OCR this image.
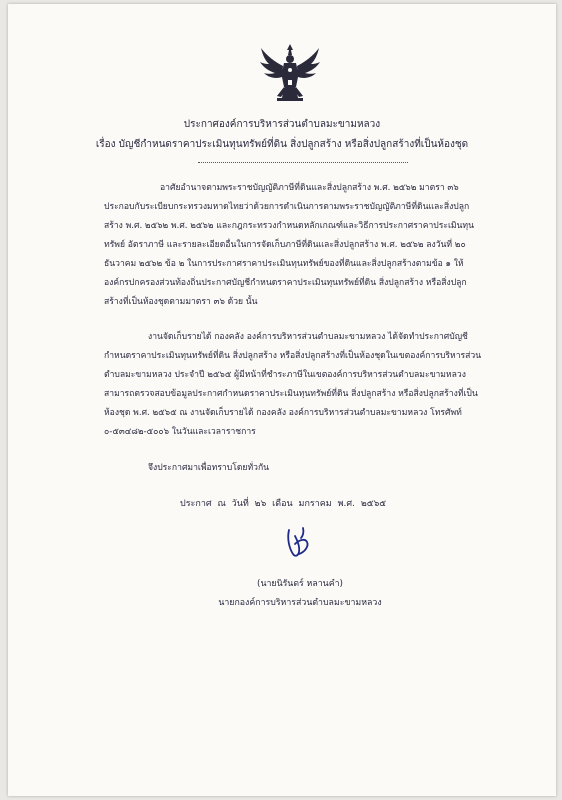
ประกาศองค์การบริหารส่วนตำบลมะขามหลวง
เรื่อง บัญชีกำหนดราคาประเมินทุนทรัพย์ที่ดิน สิ่งปลูกสร้าง หรือสิ่งปลูกสร้างที่เป็นห้องชุด
อาศัยอำนาจตามพระราชบัญญัติภาษีที่ดินและสิ่งปลูกสร้าง พ.ศ. ๒๕๖๒ มาตรา ๓๖
ประกอบกับระเบียบกระทรวงมหาดไทยว่าด้วยการดำเนินการตามพระราชบัญญัติภาษีที่ดินและสิ่งปลูก
สร้าง พ.ศ. ๒๕๖๒ พ.ศ. ๒๕๖๒ และกฎกระทรวงกำหนดหลักเกณฑ์และวิธีการประกาศราคาประเมินทุน
ทรัพย์ อัตราภาษี และรายละเอียดอื่นในการจัดเก็บภาษีที่ดินและสิ่งปลูกสร้าง พ.ศ. ๒๕๖๒ ลงวันที่ ๒๐
ธันวาคม ๒๕๖๒ ข้อ ๒ ในการประกาศราคาประเมินทุนทรัพย์ของที่ดินและสิ่งปลูกสร้างตามข้อ ๑ ให้
องค์กรปกครองส่วนท้องถิ่นประกาศบัญชีกำหนดราคาประเมินทุนทรัพย์ที่ดิน สิ่งปลูกสร้าง หรือสิ่งปลูก
สร้างที่เป็นห้องชุดตามมาตรา ๓๖ ด้วย นั้น
งานจัดเก็บรายได้ กองคลัง องค์การบริหารส่วนตำบลมะขามหลวง ได้จัดทำประกาศบัญชี
กำหนดราคาประเมินทุนทรัพย์ที่ดิน สิ่งปลูกสร้าง หรือสิ่งปลูกสร้างที่เป็นห้องชุดในเขตองค์การบริหารส่วน
ตำบลมะขามหลวง ประจำปี ๒๕๖๕ ผู้มีหน้าที่ชำระภาษีในเขตองค์การบริหารส่วนตำบลมะขามหลวง
สามารถตรวจสอบข้อมูลประกาศกำหนดราคาประเมินทุนทรัพย์ที่ดิน สิ่งปลูกสร้าง หรือสิ่งปลูกสร้างที่เป็น
ห้องชุด พ.ศ. ๒๕๖๕ ณ งานจัดเก็บรายได้ กองคลัง องค์การบริหารส่วนตำบลมะขามหลวง โทรศัพท์
๐-๕๓๔๘๒-๕๐๐๖ ในวันและเวลาราชการ
จึงประกาศมาเพื่อทราบโดยทั่วกัน
ประกาศ ณ วันที่ ๒๖ เดือน มกราคม พ.ศ. ๒๕๖๕
(นายนิรันดร์ หลานคำ)
นายกองค์การบริหารส่วนตำบลมะขามหลวง
